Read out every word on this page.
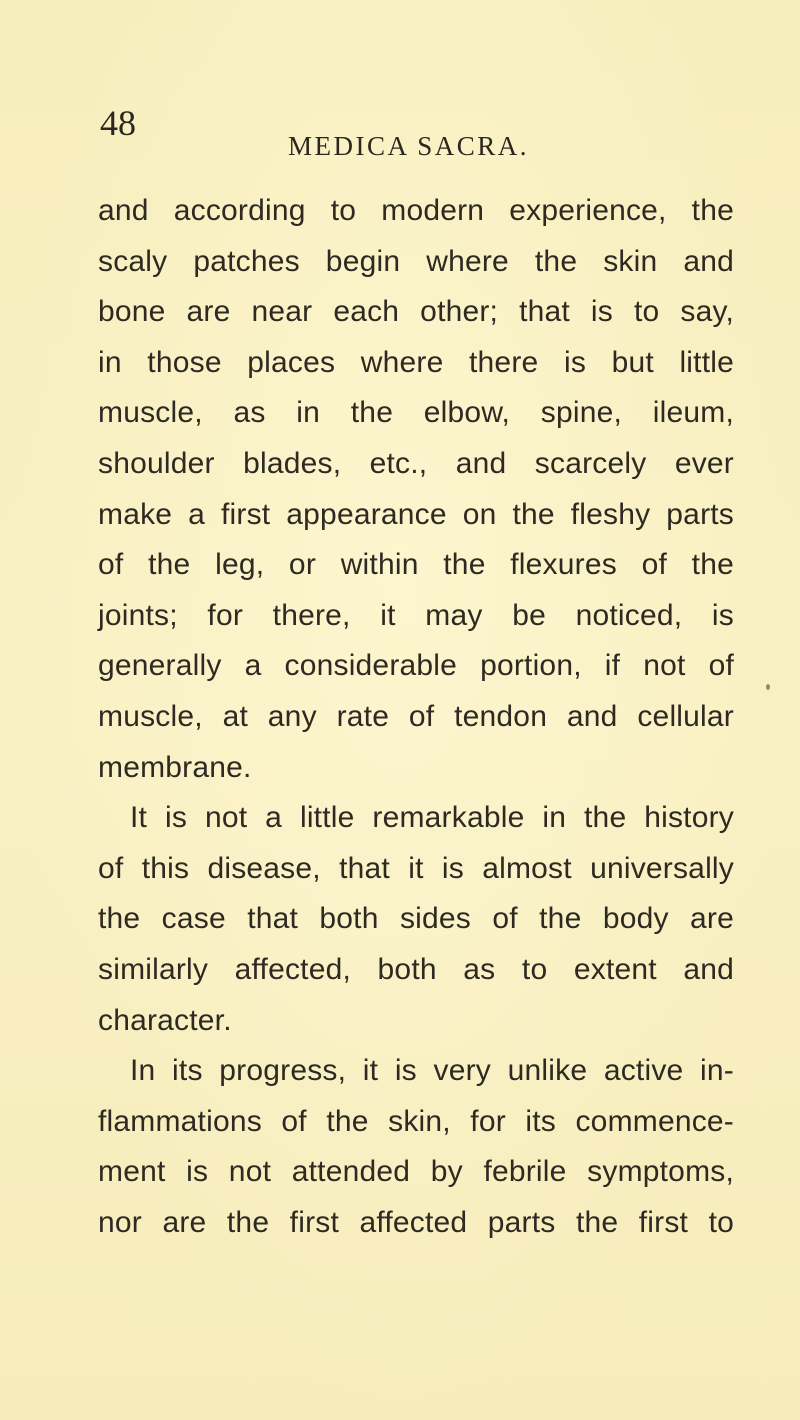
48
MEDICA SACRA.
and according to modern experience, the
scaly patches begin where the skin and
bone are near each other; that is to say,
in those places where there is but little
muscle, as in the elbow, spine, ileum,
shoulder blades, etc., and scarcely ever
make a first appearance on the fleshy parts
of the leg, or within the flexures of the
joints; for there, it may be noticed, is
generally a considerable portion, if not of
muscle, at any rate of tendon and cellular
membrane.
It is not a little remarkable in the history
of this disease, that it is almost universally
the case that both sides of the body are
similarly affected, both as to extent and
character.
In its progress, it is very unlike active in-
flammations of the skin, for its commence-
ment is not attended by febrile symptoms,
nor are the first affected parts the first to
